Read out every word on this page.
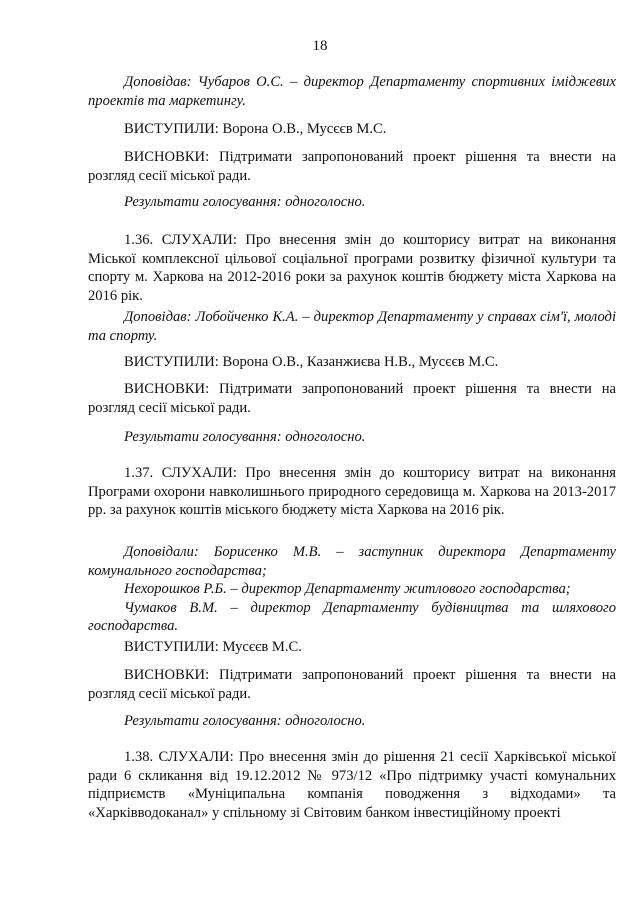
18

Доповідав: Чубаров О.С. – директор Департаменту спортивних іміджевих проектів та маркетингу.

ВИСТУПИЛИ: Ворона О.В., Мусєєв М.С.

ВИСНОВКИ: Підтримати запропонований проект рішення та внести на розгляд сесії міської ради.

Результати голосування: одноголосно.

1.36. СЛУХАЛИ: Про внесення змін до кошторису витрат на виконання Міської комплексної цільової соціальної програми розвитку фізичної культури та спорту м. Харкова на 2012-2016 роки за рахунок коштів бюджету міста Харкова на 2016 рік.

Доповідав: Лобойченко К.А. – директор Департаменту у справах сім'ї, молоді та спорту.

ВИСТУПИЛИ: Ворона О.В., Казанжиєва Н.В., Мусєєв М.С.

ВИСНОВКИ: Підтримати запропонований проект рішення та внести на розгляд сесії міської ради.

Результати голосування: одноголосно.

1.37. СЛУХАЛИ: Про внесення змін до кошторису витрат на виконання Програми охорони навколишнього природного середовища м. Харкова на 2013-2017 рр. за рахунок коштів міського бюджету міста Харкова на 2016 рік.

Доповідали: Борисенко М.В. – заступник директора Департаменту комунального господарства;

Нехорошков Р.Б. – директор Департаменту житлового господарства;

Чумаков В.М. – директор Департаменту будівництва та шляхового господарства.

ВИСТУПИЛИ: Мусєєв М.С.

ВИСНОВКИ: Підтримати запропонований проект рішення та внести на розгляд сесії міської ради.

Результати голосування: одноголосно.

1.38. СЛУХАЛИ: Про внесення змін до рішення 21 сесії Харківської міської ради 6 скликання від 19.12.2012 № 973/12 «Про підтримку участі комунальних підприємств «Муніципальна компанія поводження з відходами» та «Харківводоканал» у спільному зі Світовим банком інвестиційному проекті
